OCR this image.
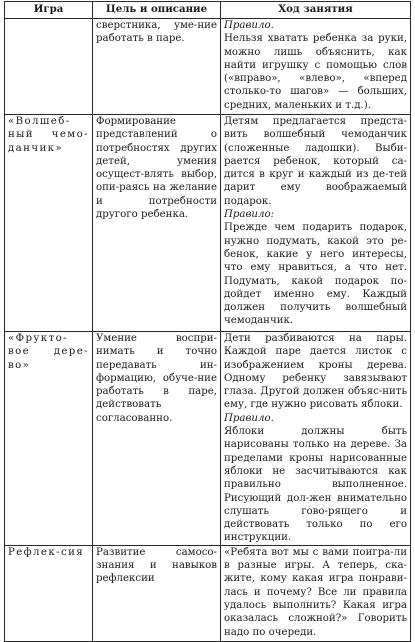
Игра	Цель и описание	Ход занятия
	сверстника, уме-ние работать в паре.	Правило.
Нельзя хватать ребенка за руки, можно лишь объяснить, как найти игрушку с помощью слов («вправо», «влево», «вперед столько-то шагов» — больших, средних, маленьких и т.д.).

«Волшеб-ный чемо-данчик»	Формирование представлений о потребностях других детей, умения осущест-влять выбор, опи-раясь на желание и потребности другого ребенка.	Детям предлагается предста-вить волшебный чемоданчик (сложенные ладошки). Выби-рается ребенок, который са-дится в круг и каждый из де-тей дарит ему воображаемый подарок.
Правило:
Прежде чем подарить подарок, нужно подумать, какой это ре-бенок, какие у него интересы, что ему нравиться, а что нет. Подумать, какой подарок по-дойдет именно ему. Каждый должен получить волшебный чемоданчик.

«Фрукто-вое дере-во»	Умение воспри-нимать и точно передавать ин-формацию, обуче-ние работать в паре, действовать согласованно.	Дети разбиваются на пары. Каждой паре дается листок с изображением кроны дерева. Одному ребенку завязывают глаза. Другой должен объяс-нить ему, где нужно рисовать яблоки.
Правило.
Яблоки должны быть нарисованы только на дереве. За пределами кроны нарисованные яблоки не засчитываются как правильно выполненное. Рисующий дол-жен внимательно слушать гово-рящего и действовать только по его инструкции.

Рефлек-сия	Развитие самосо-знания и навыков рефлексии	«Ребята вот мы с вами поигра-ли в разные игры. А теперь, ска-жите, кому какая игра понрави-лась и почему? Все ли правила удалось выполнить? Какая игра оказалась сложной?» Говорить надо по очереди.
